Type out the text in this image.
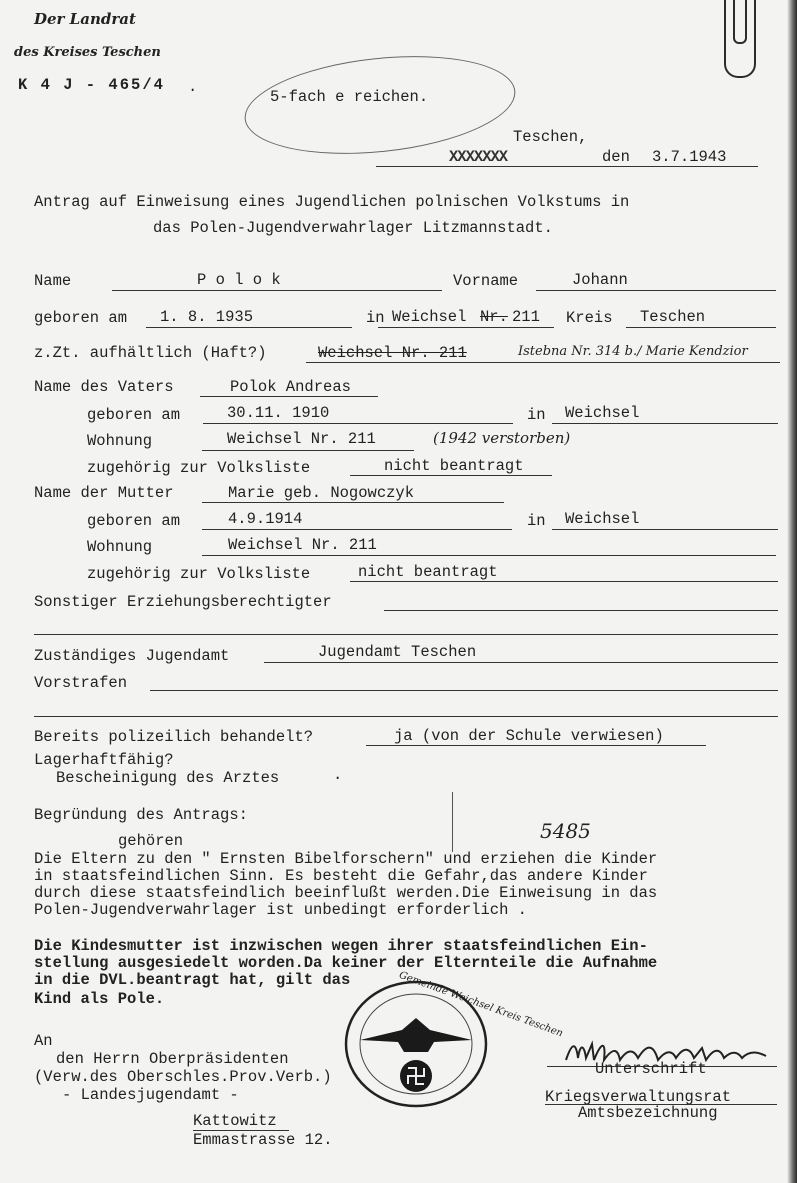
Der Landrat
des Kreises Teschen
K 4 J - 465/4 .
5-fach e reichen.
Teschen,
XXXXXXX	den 3.7.1943
Antrag auf Einweisung eines Jugendlichen polnischen Volkstums in
das Polen-Jugendverwahrlager Litzmannstadt.
Name	P o l o k	Vorname	Johann
geboren am 1. 8. 1935	in Weichsel Nr. 211 Kreis Teschen
z.Zt. aufhältlich (Haft?)	Weichsel Nr. 211	Istebna Nr. 314 b./ Marie Kendzior
Name des Vaters	Polok Andreas
geboren am	30.11. 1910	in Weichsel
Wohnung	Weichsel Nr. 211	(1942 verstorben)
zugehörig zur Volksliste	nicht beantragt
Name der Mutter	Marie geb. Nogowczyk
geboren am	4.9.1914	in Weichsel
Wohnung	Weichsel Nr. 211
zugehörig zur Volksliste	nicht beantragt
Sonstiger Erziehungsberechtigter
Zuständiges Jugendamt	Jugendamt Teschen
Vorstrafen
Bereits polizeilich behandelt?	ja (von der Schule verwiesen)
Lagerhaftfähig?
Bescheinigung des Arztes	·
Begründung des Antrags:
5485
gehören
Die Eltern zu den " Ernsten Bibelforschern" und erziehen die Kinder
in staatsfeindlichen Sinn. Es besteht die Gefahr,das andere Kinder
durch diese staatsfeindlich beeinflußt werden.Die Einweisung in das
Polen-Jugendverwahrlager ist unbedingt erforderlich .
Die Kindesmutter ist inzwischen wegen ihrer staatsfeindlichen Ein-
stellung ausgesiedelt worden.Da keiner der Elternteile die Aufnahme
in die DVL.beantragt hat, gilt das
Kind als Pole.	Gemeinde Weichsel Kreis Teschen
An
den Herrn Oberpräsidenten
(Verw.des Oberschles.Prov.Verb.)
- Landesjugendamt -
Kattowitz
Emmastrasse 12.
Unterschrift
Kriegsverwaltungsrat
Amtsbezeichnung
